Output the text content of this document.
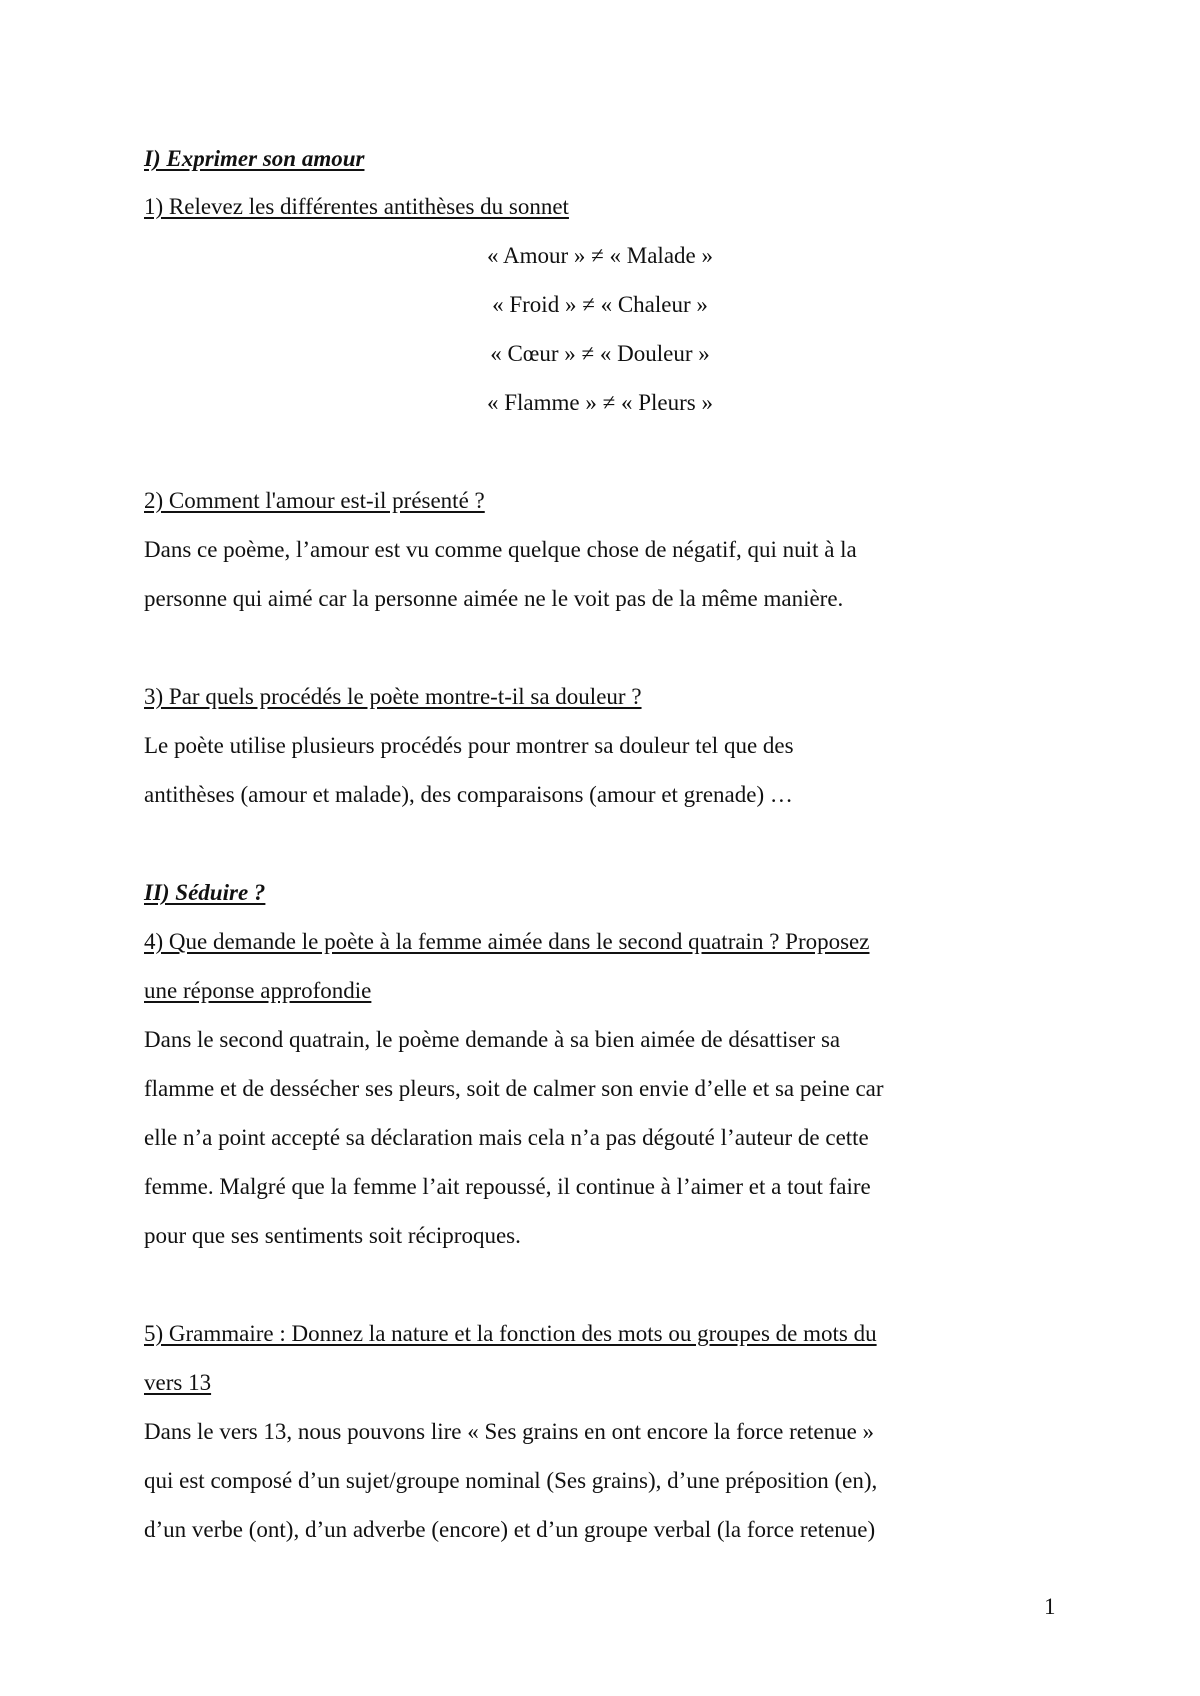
I) Exprimer son amour
1) Relevez les différentes antithèses du sonnet
« Amour » ≠ « Malade »
« Froid » ≠ « Chaleur »
« Cœur » ≠ « Douleur »
« Flamme » ≠ « Pleurs »
2) Comment l'amour est-il présenté ?
Dans ce poème, l’amour est vu comme quelque chose de négatif, qui nuit à la
personne qui aimé car la personne aimée ne le voit pas de la même manière.
3) Par quels procédés le poète montre-t-il sa douleur ?
Le poète utilise plusieurs procédés pour montrer sa douleur tel que des
antithèses (amour et malade), des comparaisons (amour et grenade) …
II) Séduire ?
4) Que demande le poète à la femme aimée dans le second quatrain ? Proposez
une réponse approfondie
Dans le second quatrain, le poème demande à sa bien aimée de désattiser sa
flamme et de dessécher ses pleurs, soit de calmer son envie d’elle et sa peine car
elle n’a point accepté sa déclaration mais cela n’a pas dégouté l’auteur de cette
femme. Malgré que la femme l’ait repoussé, il continue à l’aimer et a tout faire
pour que ses sentiments soit réciproques.
5) Grammaire : Donnez la nature et la fonction des mots ou groupes de mots du
vers 13
Dans le vers 13, nous pouvons lire « Ses grains en ont encore la force retenue »
qui est composé d’un sujet/groupe nominal (Ses grains), d’une préposition (en),
d’un verbe (ont), d’un adverbe (encore) et d’un groupe verbal (la force retenue)
1
